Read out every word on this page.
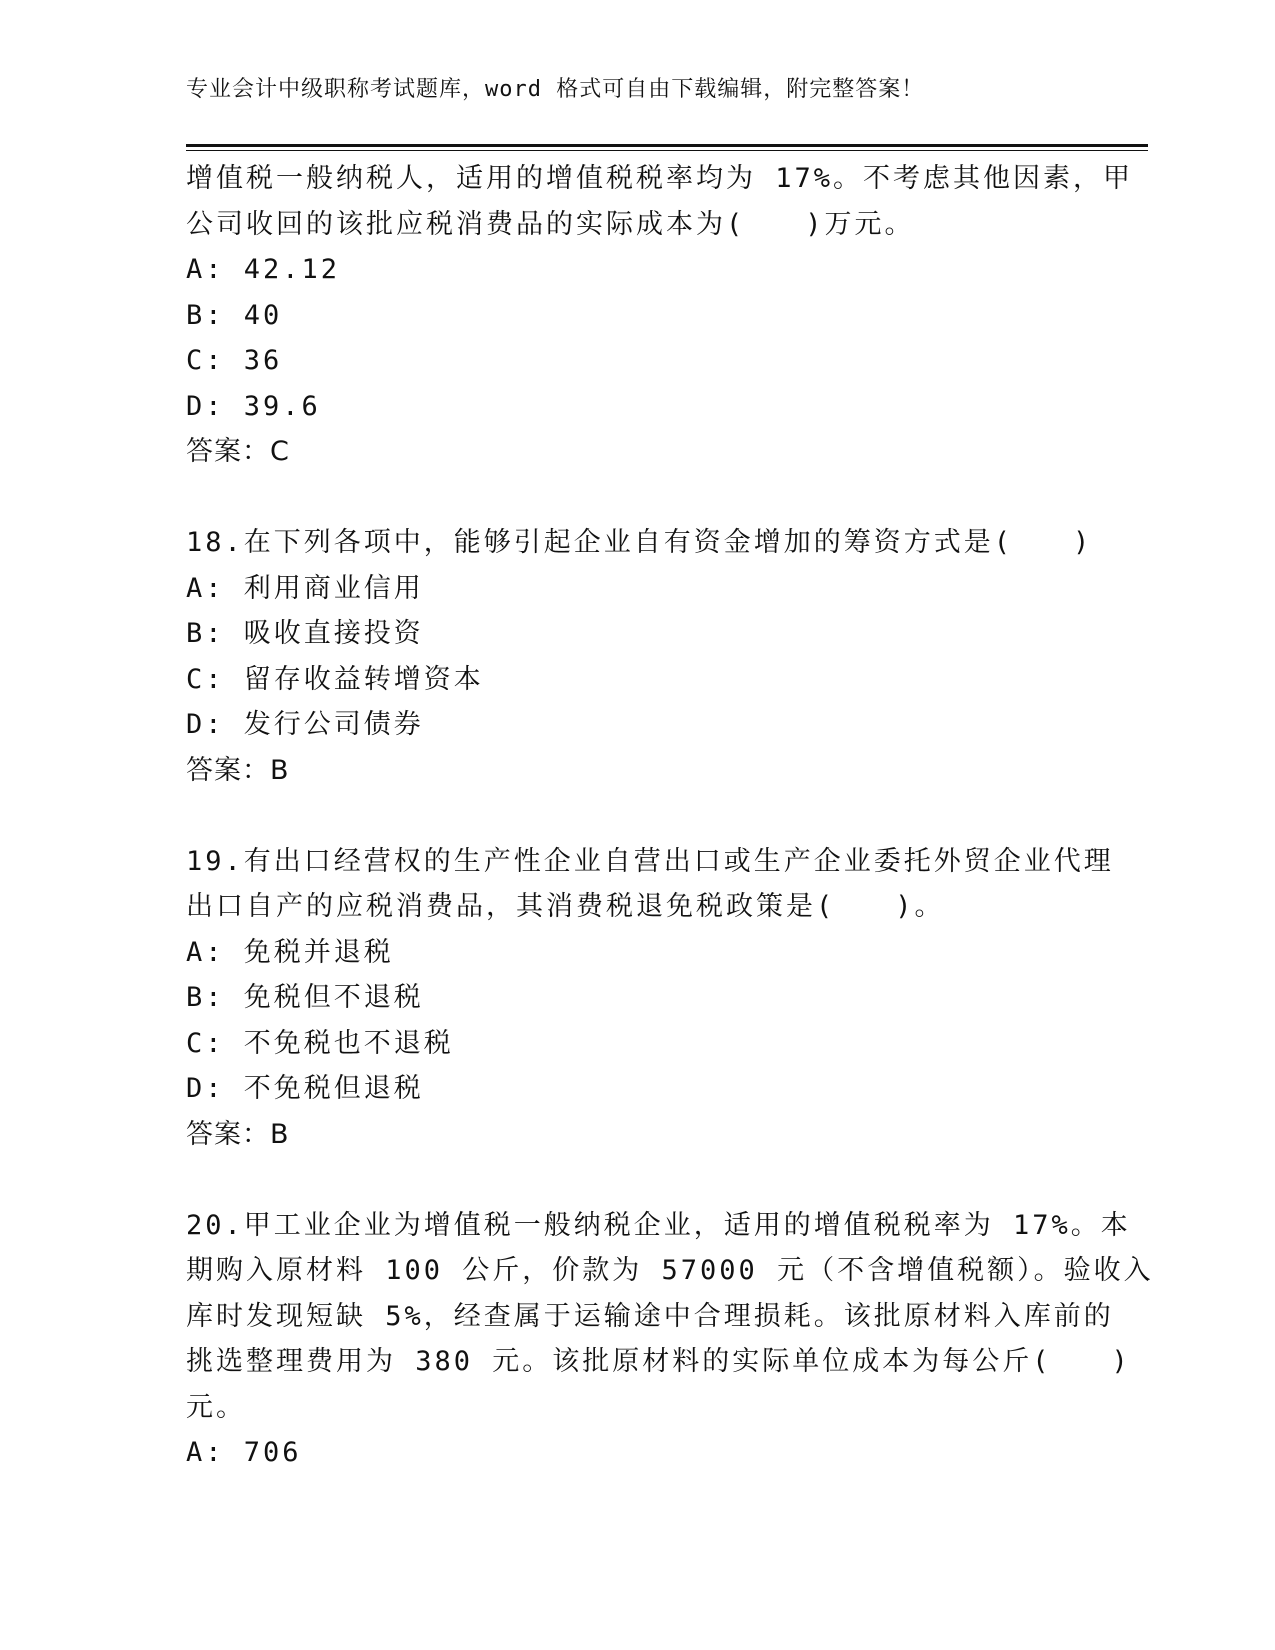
专业会计中级职称考试题库，word 格式可自由下载编辑，附完整答案！
增值税一般纳税人，适用的增值税税率均为 17%。不考虑其他因素，甲
公司收回的该批应税消费品的实际成本为(　　)万元。
A: 42.12
B: 40
C: 36
D: 39.6
答案：C
18.在下列各项中，能够引起企业自有资金增加的筹资方式是(　　)
A: 利用商业信用
B: 吸收直接投资
C: 留存收益转增资本
D: 发行公司债券
答案：B
19.有出口经营权的生产性企业自营出口或生产企业委托外贸企业代理
出口自产的应税消费品，其消费税退免税政策是(　　)。
A: 免税并退税
B: 免税但不退税
C: 不免税也不退税
D: 不免税但退税
答案：B
20.甲工业企业为增值税一般纳税企业，适用的增值税税率为 17%。本
期购入原材料 100 公斤，价款为 57000 元（不含增值税额）。验收入
库时发现短缺 5%，经查属于运输途中合理损耗。该批原材料入库前的
挑选整理费用为 380 元。该批原材料的实际单位成本为每公斤(　　)
元。
A: 706
